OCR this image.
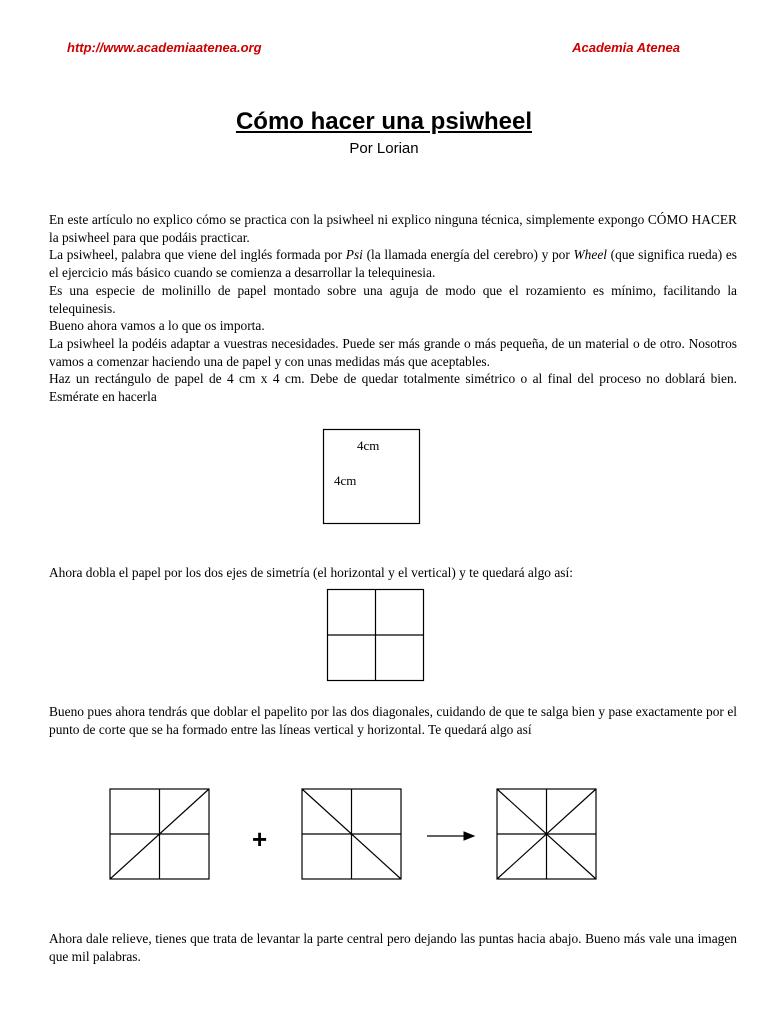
http://www.academiaatenea.org	Academia Atenea
Cómo hacer una psiwheel
Por Lorian

En este artículo no explico cómo se practica con la psiwheel ni explico ninguna técnica, simplemente expongo CÓMO HACER la psiwheel para que podáis practicar.

La psiwheel, palabra que viene del inglés formada por Psi (la llamada energía del cerebro) y por Wheel (que significa rueda) es el ejercicio más básico cuando se comienza a desarrollar la telequinesia.

Es una especie de molinillo de papel montado sobre una aguja de modo que el rozamiento es mínimo, facilitando la telequinesis.

Bueno ahora vamos a lo que os importa.

La psiwheel la podéis adaptar a vuestras necesidades. Puede ser más grande o más pequeña, de un material o de otro. Nosotros vamos a comenzar haciendo una de papel y con unas medidas más que aceptables.

Haz un rectángulo de papel de 4 cm x 4 cm. Debe de quedar totalmente simétrico o al final del proceso no doblará bien. Esmérate en hacerla

4cm
4cm

Ahora dobla el papel por los dos ejes de simetría (el horizontal y el vertical) y te quedará algo así:

Bueno pues ahora tendrás que doblar el papelito por las dos diagonales, cuidando de que te salga bien y pase exactamente por el punto de corte que se ha formado entre las líneas vertical y horizontal. Te quedará algo así

+

Ahora dale relieve, tienes que trata de levantar la parte central pero dejando las puntas hacia abajo. Bueno más vale una imagen que mil palabras.
